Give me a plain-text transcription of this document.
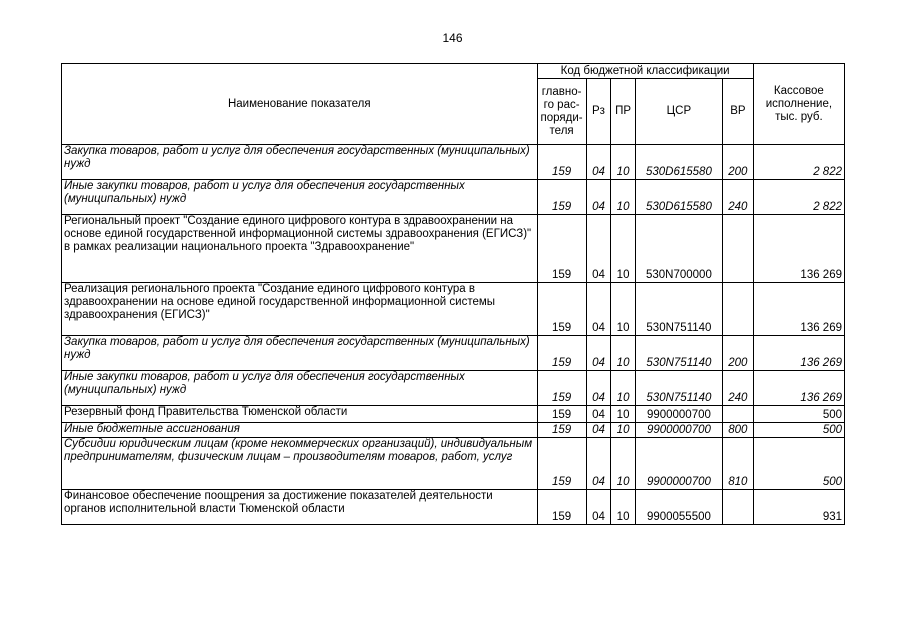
146
Наименование показателя	Код бюджетной классификации					Кассовое исполнение, тыс. руб.
	главно-го рас-поряди-теля	Рз	ПР	ЦСР	ВР	
Закупка товаров, работ и услуг для обеспечения государственных (муниципальных) нужд	159	04	10	530D615580	200	2 822
Иные закупки товаров, работ и услуг для обеспечения государственных (муниципальных) нужд	159	04	10	530D615580	240	2 822
Региональный проект "Создание единого цифрового контура в здравоохранении на основе единой государственной информационной системы здравоохранения (ЕГИСЗ)" в рамках реализации национального проекта "Здравоохранение"	159	04	10	530N700000		136 269
Реализация регионального проекта "Создание единого цифрового контура в здравоохранении на основе единой государственной информационной системы здравоохранения (ЕГИСЗ)"	159	04	10	530N751140		136 269
Закупка товаров, работ и услуг для обеспечения государственных (муниципальных) нужд	159	04	10	530N751140	200	136 269
Иные закупки товаров, работ и услуг для обеспечения государственных (муниципальных) нужд	159	04	10	530N751140	240	136 269
Резервный фонд Правительства Тюменской области	159	04	10	9900000700		500
Иные бюджетные ассигнования	159	04	10	9900000700	800	500
Субсидии юридическим лицам (кроме некоммерческих организаций), индивидуальным предпринимателям, физическим лицам – производителям товаров, работ, услуг	159	04	10	9900000700	810	500
Финансовое обеспечение поощрения за достижение показателей деятельности органов исполнительной власти Тюменской области	159	04	10	9900055500		931
